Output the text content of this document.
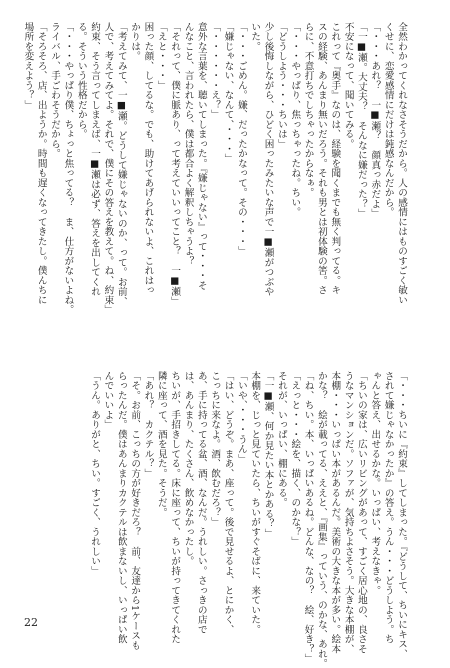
全然わかってくれなさそうだから。人の感情にはものすごく敏い
くせに、恋愛感情にだけは鈍感なんだから。
「・・・あれ？　一■瀬？　顔真っ赤だよ」
「一■瀬。大丈夫？　そんなに嫌だった？」
不安になって、聞いてみる。
これって『奥手』なのは、経験を聞くまでも無く判ってる。キ
スの経験、あんまり無いだろう。それも男とは初体験の筈。さ
らに、不意打ちでしちゃったからなぁ。
「・・・やっぱり、焦っちゃったね。ちい。
「どうしよう・・・ちいは」
少し後悔しながら、ひどく困ったみたいな声で一■瀬がつぶや
いた。
「・・・ごめん。嫌、だったかなって。その・・・」
「嫌じゃない、なんて、・・・」
「・・・・・・え？」
意外な言葉を、聴いてしまった。『嫌じゃない』って・・・そ
んなこと、言われたら、僕は都合よく解釈しちゃうよ？
「それって、僕に脈あり、って考えていいってこと？　一■瀬」
「えと・・・」
困った顔、してるな。でも、助けてあげられないよ、これはっ
かりは。
「考えてみて、一■瀬。どうして嫌じゃないのか、って。お前、
人で、考えてみてよ。それで、僕にその答えを教えて。ね、約束」
約束、そう言ってしまえば、一■瀬は必ず、答えを出してくれ
る。そういう性格だから。
「・・・やっぱり僕、ちょっと焦ってる？　ま、仕方がないよね。
ライバル、手ごわそうだから。
「そろそろ、店、出ようか。時間も遅くなってきたし。僕んちに
場所を変えよう？」
「・・・ちいに『約束』してしまった。『どうして、ちいにキス、
されて嫌じゃなかったか』の答え。うん・・・どうしよう。ち
ゃんと答え、出せるかな。いっぱい、考えなきゃ。
「ちいの家は、広いリビングがあって、すごく居心地の、良さそ
うなマンションだ。ソファが、気持ちよさそう。大きな本棚が、
本棚・・・いっぱい本があるんだ。美術の大きな本が多い。絵本
かな？　絵が載ってる、ええと、『画集』っていう、のかな、あれ。
「ね、ちい。本、いっぱいあるね。どんな、なの？　絵、好き？」
「えっと・・・絵を、描く、のかな？」
それが、いっぱい、棚にある。
「一■瀬、何か見たい本とかある？」
本棚を、じっと見ていたら、ちいがすぐそばに、来ていた。
「いや、・・・うん」
「はい、どうぞ。まあ、座って。後で見せるよ、とにかく、
こっちに来なよ。酒、飲むだろ？」
あ、手に持ってる盆、酒、なんだ。うれしい。さっきの店で
は、あんまり、たくさん、飲めなかったし。
ちいが、手招きしてる。床に座って、ちいが持ってきてくれた
隣に座って、酒を見た。そうだ。
「あれ？　カクテル？」
「そ。お前、こっちの方が好きだろ？　前、友達から1ケースも
らったんだ。僕はあんまりカクテルは飲まないし、いっぱい飲
んでいいよ」
「うん。ありがと、ちい。すごく、うれしい」
22
